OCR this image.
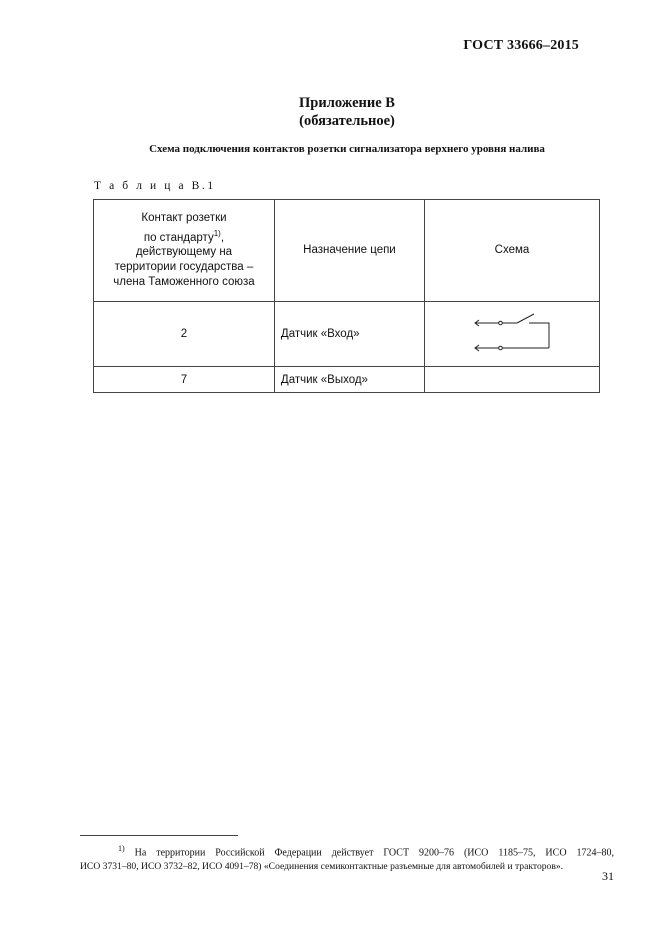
ГОСТ 33666–2015
Приложение В
(обязательное)
Схема подключения контактов розетки сигнализатора верхнего уровня налива
Т а б л и ц а В.1
Контакт розетки
по стандарту$^{1)}$,
действующему на
территории государства –
члена Таможенного союза	Назначение цепи	Схема
2	Датчик «Вход»	

7	Датчик «Выход»	
$^{1)}$ На территории Российской Федерации действует ГОСТ 9200–76 (ИСО 1185–75, ИСО 1724–80,
ИСО 3731–80, ИСО 3732–82, ИСО 4091–78) «Соединения семиконтактные разъемные для автомобилей и тракторов».
31
